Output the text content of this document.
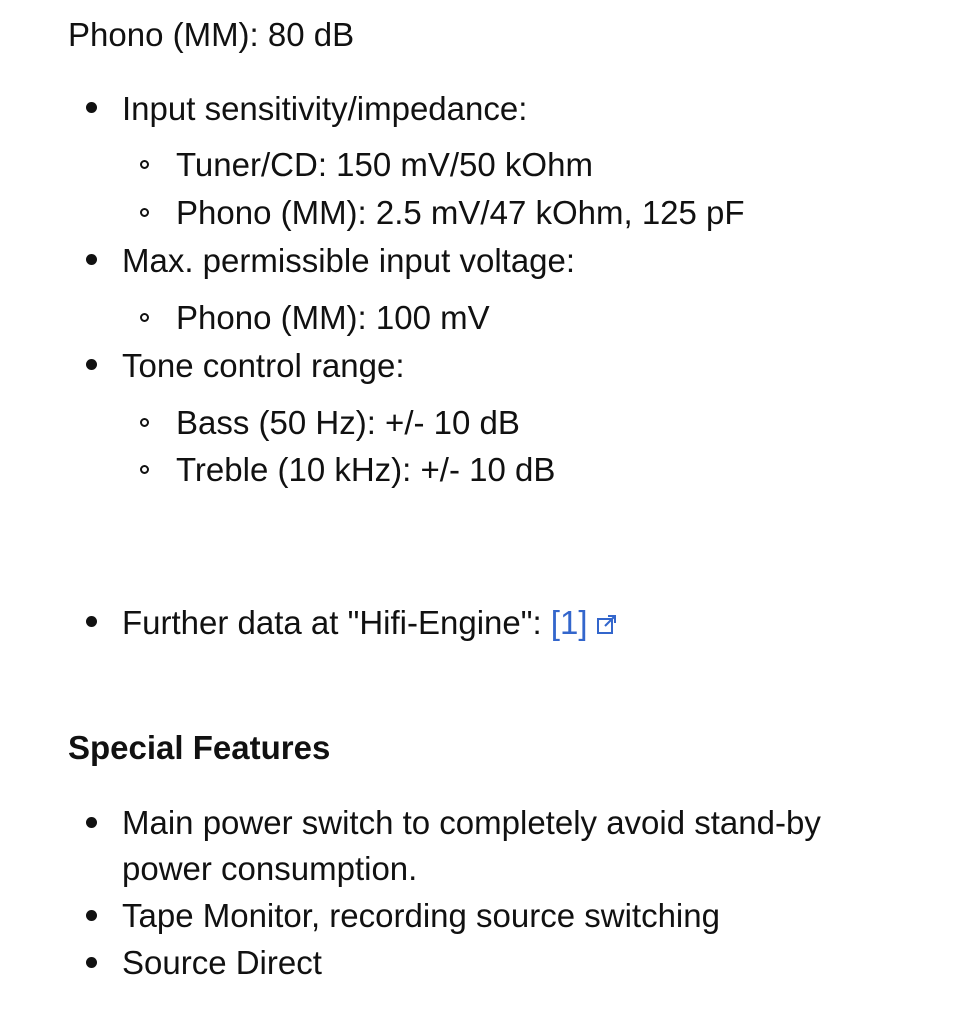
Phono (MM): 80 dB
Input sensitivity/impedance:
Tuner/CD: 150 mV/50 kOhm
Phono (MM): 2.5 mV/47 kOhm, 125 pF
Max. permissible input voltage:
Phono (MM): 100 mV
Tone control range:
Bass (50 Hz): +/- 10 dB
Treble (10 kHz): +/- 10 dB
Further data at "Hifi-Engine": [1]
Special Features
Main power switch to completely avoid stand-by
power consumption.
Tape Monitor, recording source switching
Source Direct
